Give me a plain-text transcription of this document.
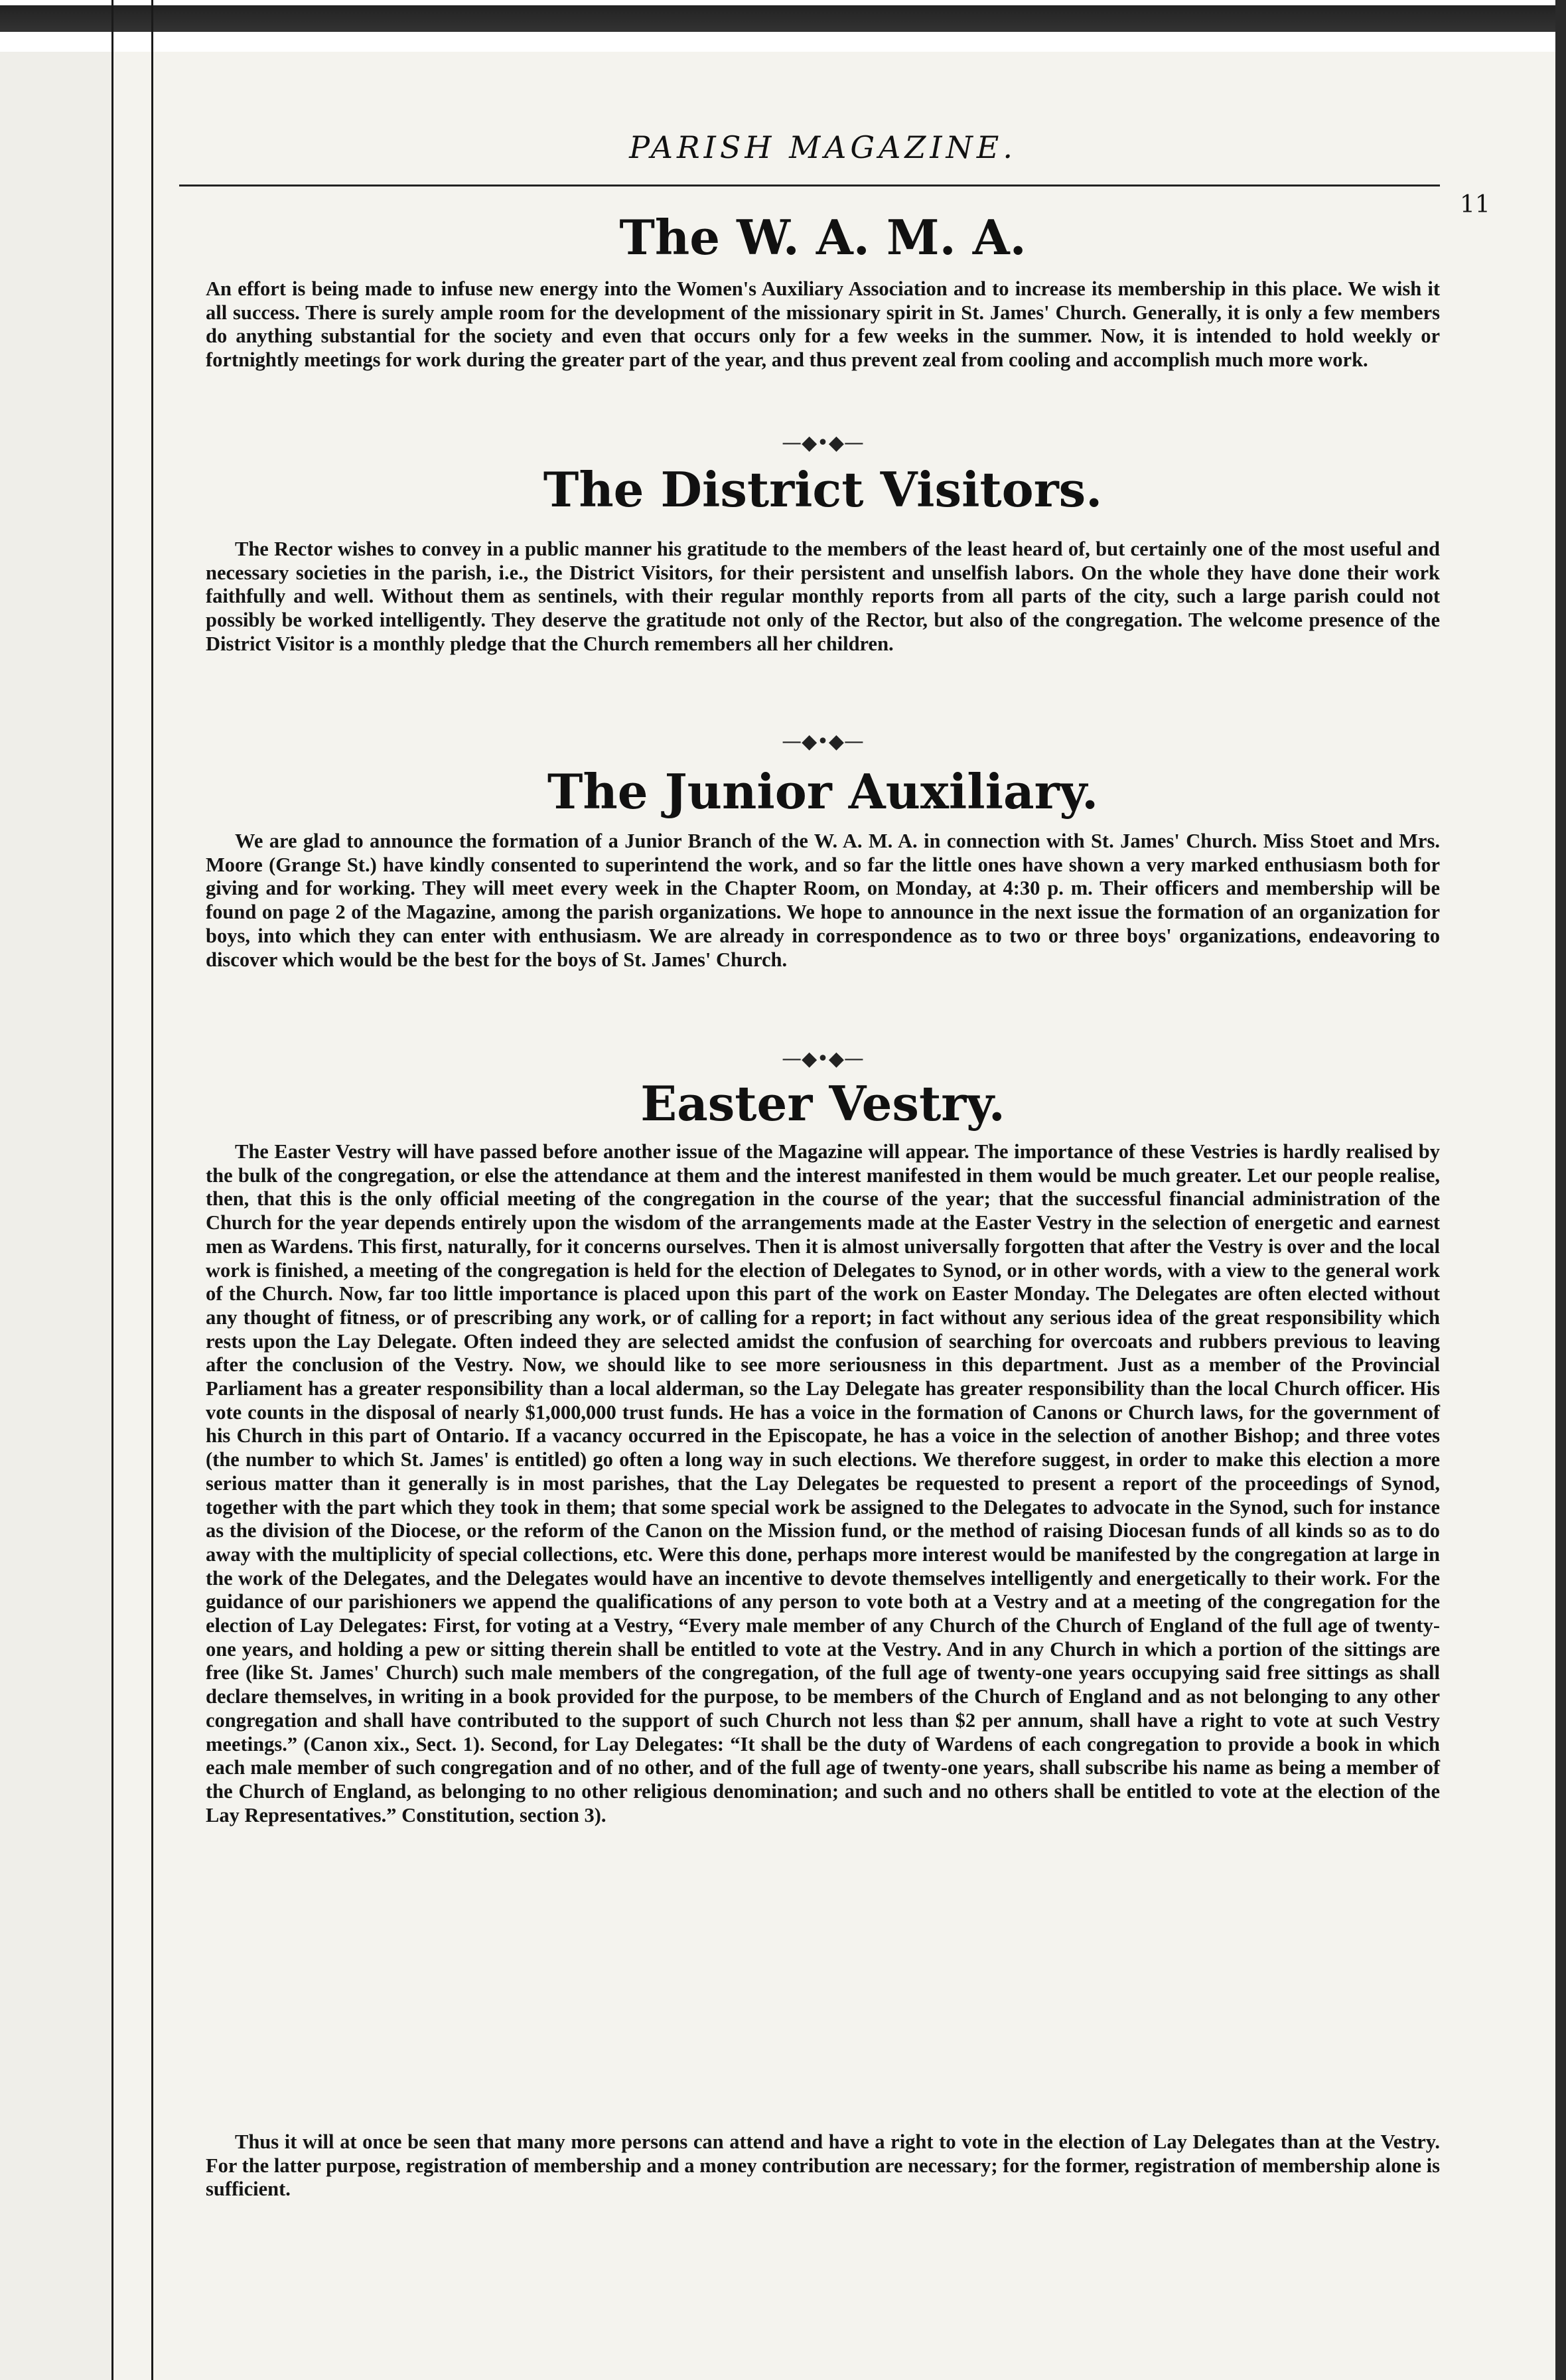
PARISH MAGAZINE.
11
The W. A. M. A.
An effort is being made to infuse new energy into the Women's Auxiliary Association and to increase its membership in this place. We wish it all success. There is surely ample room for the development of the missionary spirit in St. James' Church. Generally, it is only a few members do anything substantial for the society and even that occurs only for a few weeks in the summer. Now, it is intended to hold weekly or fortnightly meetings for work during the greater part of the year, and thus prevent zeal from cooling and accomplish much more work.
—◆•◆—
The District Visitors.
The Rector wishes to convey in a public manner his gratitude to the members of the least heard of, but certainly one of the most useful and necessary societies in the parish, i.e., the District Visitors, for their persistent and unselfish labors. On the whole they have done their work faithfully and well. Without them as sentinels, with their regular monthly reports from all parts of the city, such a large parish could not possibly be worked intelligently. They deserve the gratitude not only of the Rector, but also of the congregation. The welcome presence of the District Visitor is a monthly pledge that the Church remembers all her children.
—◆•◆—
The Junior Auxiliary.
We are glad to announce the formation of a Junior Branch of the W. A. M. A. in connection with St. James' Church. Miss Stoet and Mrs. Moore (Grange St.) have kindly consented to superintend the work, and so far the little ones have shown a very marked enthusiasm both for giving and for working. They will meet every week in the Chapter Room, on Monday, at 4:30 p. m. Their officers and membership will be found on page 2 of the Magazine, among the parish organizations. We hope to announce in the next issue the formation of an organization for boys, into which they can enter with enthusiasm. We are already in correspondence as to two or three boys' organizations, endeavoring to discover which would be the best for the boys of St. James' Church.
—◆•◆—
Easter Vestry.
The Easter Vestry will have passed before another issue of the Magazine will appear. The importance of these Vestries is hardly realised by the bulk of the congregation, or else the attendance at them and the interest manifested in them would be much greater. Let our people realise, then, that this is the only official meeting of the congregation in the course of the year; that the successful financial administration of the Church for the year depends entirely upon the wisdom of the arrangements made at the Easter Vestry in the selection of energetic and earnest men as Wardens. This first, naturally, for it concerns ourselves. Then it is almost universally forgotten that after the Vestry is over and the local work is finished, a meeting of the congregation is held for the election of Delegates to Synod, or in other words, with a view to the general work of the Church. Now, far too little importance is placed upon this part of the work on Easter Monday. The Delegates are often elected without any thought of fitness, or of prescribing any work, or of calling for a report; in fact without any serious idea of the great responsibility which rests upon the Lay Delegate. Often indeed they are selected amidst the confusion of searching for overcoats and rubbers previous to leaving after the conclusion of the Vestry. Now, we should like to see more seriousness in this department. Just as a member of the Provincial Parliament has a greater responsibility than a local alderman, so the Lay Delegate has greater responsibility than the local Church officer. His vote counts in the disposal of nearly $1,000,000 trust funds. He has a voice in the formation of Canons or Church laws, for the government of his Church in this part of Ontario. If a vacancy occurred in the Episcopate, he has a voice in the selection of another Bishop; and three votes (the number to which St. James' is entitled) go often a long way in such elections. We therefore suggest, in order to make this election a more serious matter than it generally is in most parishes, that the Lay Delegates be requested to present a report of the proceedings of Synod, together with the part which they took in them; that some special work be assigned to the Delegates to advocate in the Synod, such for instance as the division of the Diocese, or the reform of the Canon on the Mission fund, or the method of raising Diocesan funds of all kinds so as to do away with the multiplicity of special collections, etc. Were this done, perhaps more interest would be manifested by the congregation at large in the work of the Delegates, and the Delegates would have an incentive to devote themselves intelligently and energetically to their work. For the guidance of our parishioners we append the qualifications of any person to vote both at a Vestry and at a meeting of the congregation for the election of Lay Delegates: First, for voting at a Vestry, “Every male member of any Church of the Church of England of the full age of twenty-one years, and holding a pew or sitting therein shall be entitled to vote at the Vestry. And in any Church in which a portion of the sittings are free (like St. James' Church) such male members of the congregation, of the full age of twenty-one years occupying said free sittings as shall declare themselves, in writing in a book provided for the purpose, to be members of the Church of England and as not belonging to any other congregation and shall have contributed to the support of such Church not less than $2 per annum, shall have a right to vote at such Vestry meetings.” (Canon xix., Sect. 1). Second, for Lay Delegates: “It shall be the duty of Wardens of each congregation to provide a book in which each male member of such congregation and of no other, and of the full age of twenty-one years, shall subscribe his name as being a member of the Church of England, as belonging to no other religious denomination; and such and no others shall be entitled to vote at the election of the Lay Representatives.” Constitution, section 3).
Thus it will at once be seen that many more persons can attend and have a right to vote in the election of Lay Delegates than at the Vestry. For the latter purpose, registration of membership and a money contribution are necessary; for the former, registration of membership alone is sufficient.
